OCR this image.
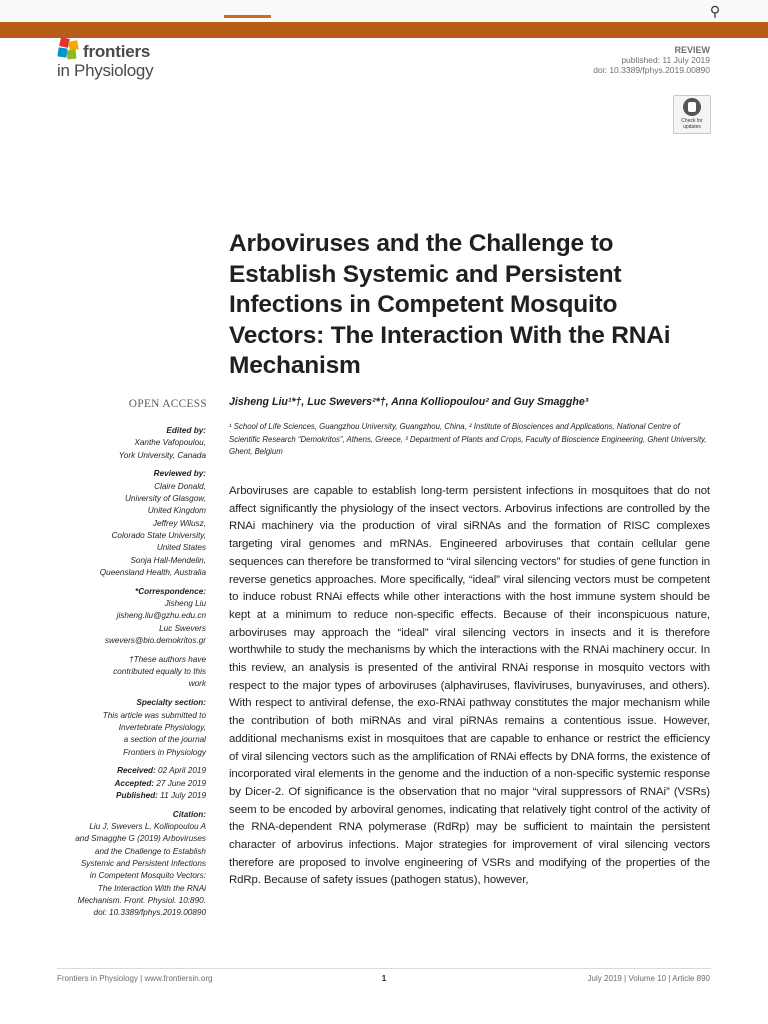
⚲
frontiers
in Physiology
REVIEW
published: 11 July 2019
doi: 10.3389/fphys.2019.00890
Check for updates
Arboviruses and the Challenge to Establish Systemic and Persistent Infections in Competent Mosquito Vectors: The Interaction With the RNAi Mechanism
Jisheng Liu¹*†, Luc Swevers²*†, Anna Kolliopoulou² and Guy Smagghe³
¹ School of Life Sciences, Guangzhou University, Guangzhou, China, ² Institute of Biosciences and Applications, National Centre of Scientific Research “Demokritos”, Athens, Greece, ³ Department of Plants and Crops, Faculty of Bioscience Engineering, Ghent University, Ghent, Belgium
Arboviruses are capable to establish long-term persistent infections in mosquitoes that do not affect significantly the physiology of the insect vectors. Arbovirus infections are controlled by the RNAi machinery via the production of viral siRNAs and the formation of RISC complexes targeting viral genomes and mRNAs. Engineered arboviruses that contain cellular gene sequences can therefore be transformed to “viral silencing vectors” for studies of gene function in reverse genetics approaches. More specifically, “ideal” viral silencing vectors must be competent to induce robust RNAi effects while other interactions with the host immune system should be kept at a minimum to reduce non-specific effects. Because of their inconspicuous nature, arboviruses may approach the “ideal” viral silencing vectors in insects and it is therefore worthwhile to study the mechanisms by which the interactions with the RNAi machinery occur. In this review, an analysis is presented of the antiviral RNAi response in mosquito vectors with respect to the major types of arboviruses (alphaviruses, flaviviruses, bunyaviruses, and others). With respect to antiviral defense, the exo-RNAi pathway constitutes the major mechanism while the contribution of both miRNAs and viral piRNAs remains a contentious issue. However, additional mechanisms exist in mosquitoes that are capable to enhance or restrict the efficiency of viral silencing vectors such as the amplification of RNAi effects by DNA forms, the existence of incorporated viral elements in the genome and the induction of a non-specific systemic response by Dicer-2. Of significance is the observation that no major “viral suppressors of RNAi” (VSRs) seem to be encoded by arboviral genomes, indicating that relatively tight control of the activity of the RNA-dependent RNA polymerase (RdRp) may be sufficient to maintain the persistent character of arbovirus infections. Major strategies for improvement of viral silencing vectors therefore are proposed to involve engineering of VSRs and modifying of the properties of the RdRp. Because of safety issues (pathogen status), however,
OPEN ACCESS
Edited by:
Xanthe Vafopoulou,
York University, Canada
Reviewed by:
Claire Donald,
University of Glasgow,
United Kingdom
Jeffrey Wilusz,
Colorado State University,
United States
Sonja Hall-Mendelin,
Queensland Health, Australia
*Correspondence:
Jisheng Liu
jisheng.liu@gzhu.edu.cn
Luc Swevers
swevers@bio.demokritos.gr
†These authors have contributed equally to this work
Specialty section:
This article was submitted to
Invertebrate Physiology,
a section of the journal
Frontiers in Physiology
Received: 02 April 2019
Accepted: 27 June 2019
Published: 11 July 2019
Citation:
Liu J, Swevers L, Kolliopoulou A
and Smagghe G (2019) Arboviruses
and the Challenge to Establish
Systemic and Persistent Infections
in Competent Mosquito Vectors:
The Interaction With the RNAi
Mechanism. Front. Physiol. 10:890.
doi: 10.3389/fphys.2019.00890
Frontiers in Physiology | www.frontiersin.org	1	July 2019 | Volume 10 | Article 890
